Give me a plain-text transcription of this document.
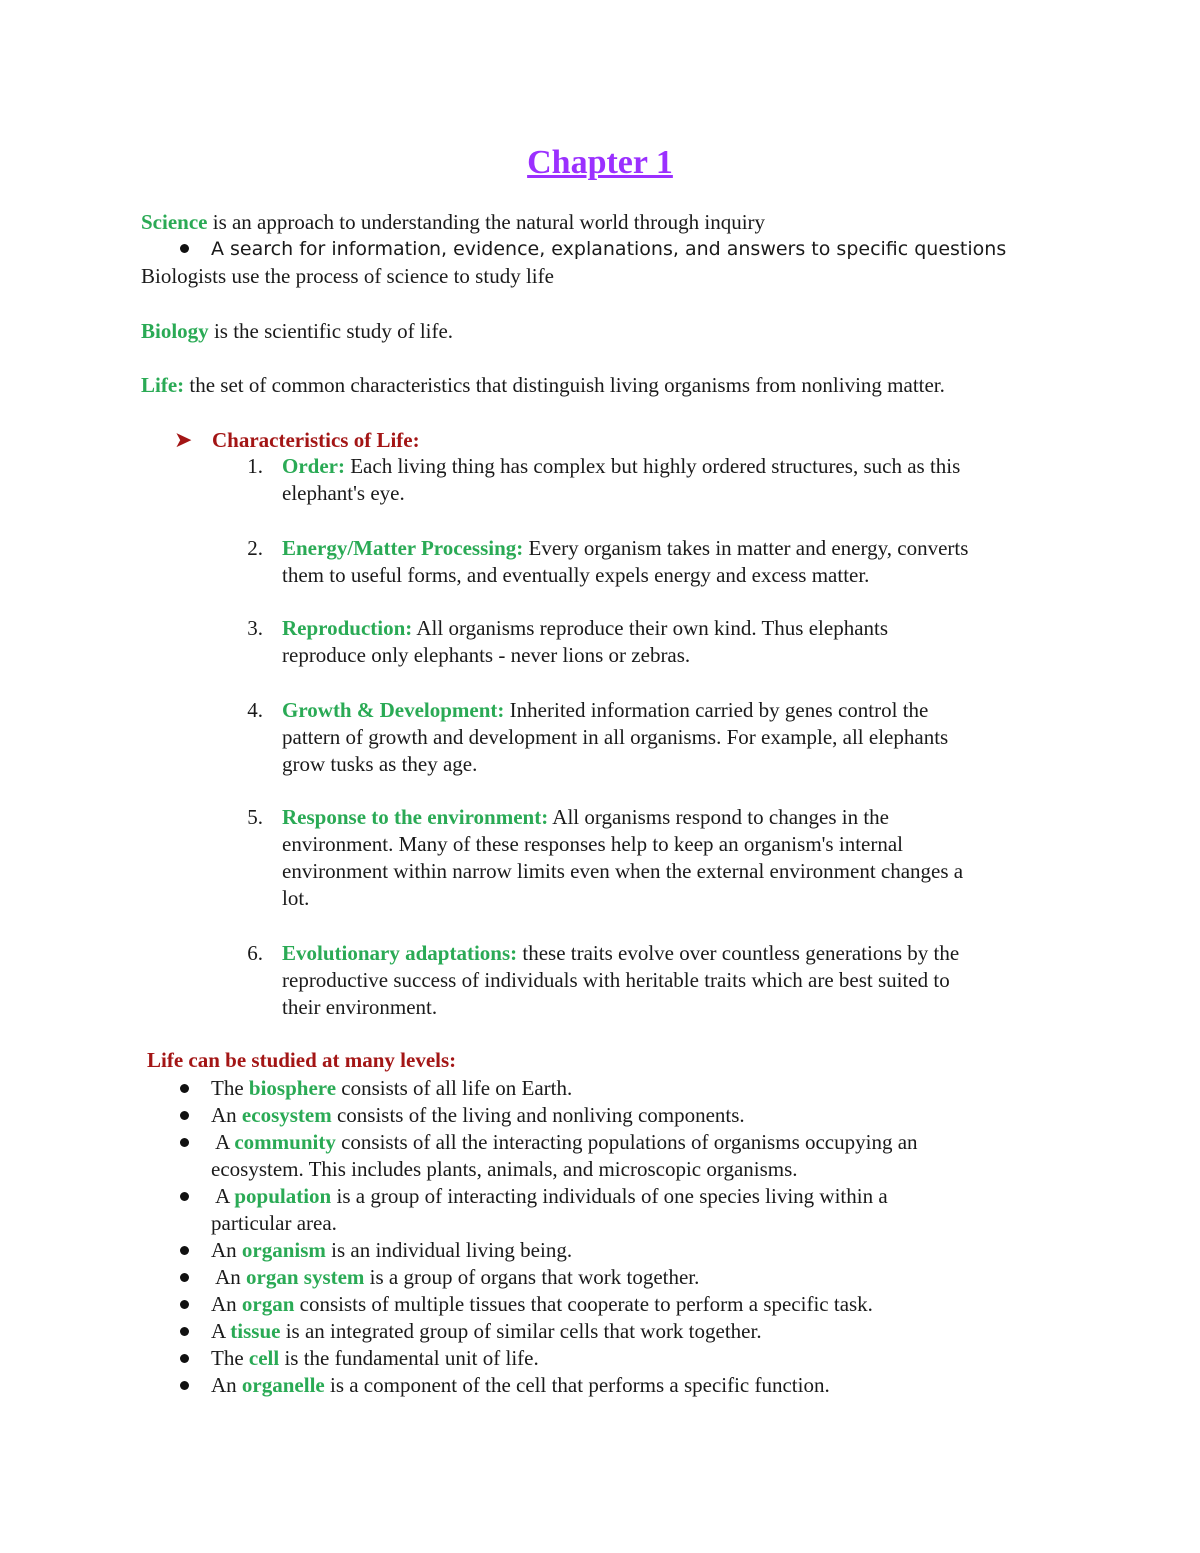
Chapter 1
Science is an approach to understanding the natural world through inquiry
A search for information, evidence, explanations, and answers to specific questions
Biologists use the process of science to study life
Biology is the scientific study of life.
Life: the set of common characteristics that distinguish living organisms from nonliving matter.
➤ Characteristics of Life:
1. Order: Each living thing has complex but highly ordered structures, such as this
elephant's eye.
2. Energy/Matter Processing: Every organism takes in matter and energy, converts
them to useful forms, and eventually expels energy and excess matter.
3. Reproduction: All organisms reproduce their own kind. Thus elephants
reproduce only elephants - never lions or zebras.
4. Growth & Development: Inherited information carried by genes control the
pattern of growth and development in all organisms. For example, all elephants
grow tusks as they age.
5. Response to the environment: All organisms respond to changes in the
environment. Many of these responses help to keep an organism's internal
environment within narrow limits even when the external environment changes a
lot.
6. Evolutionary adaptations: these traits evolve over countless generations by the
reproductive success of individuals with heritable traits which are best suited to
their environment.
Life can be studied at many levels:
The biosphere consists of all life on Earth.
An ecosystem consists of the living and nonliving components.
A community consists of all the interacting populations of organisms occupying an
ecosystem. This includes plants, animals, and microscopic organisms.
A population is a group of interacting individuals of one species living within a
particular area.
An organism is an individual living being.
An organ system is a group of organs that work together.
An organ consists of multiple tissues that cooperate to perform a specific task.
A tissue is an integrated group of similar cells that work together.
The cell is the fundamental unit of life.
An organelle is a component of the cell that performs a specific function.
